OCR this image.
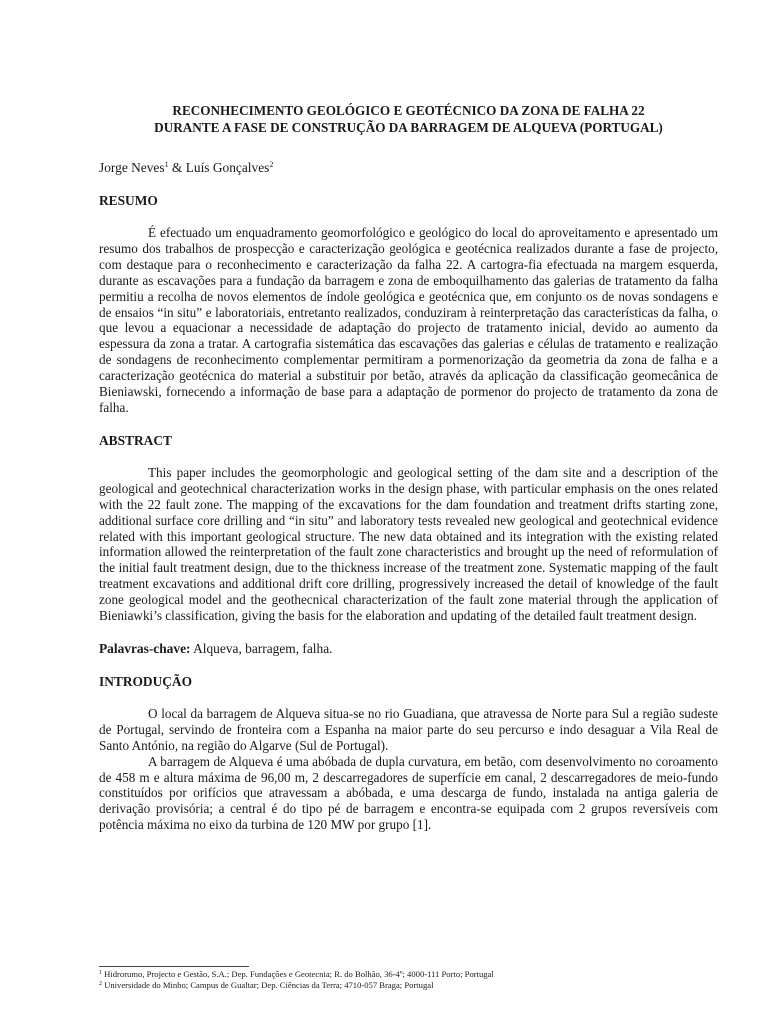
RECONHECIMENTO GEOLÓGICO E GEOTÉCNICO DA ZONA DE FALHA 22
DURANTE A FASE DE CONSTRUÇÃO DA BARRAGEM DE ALQUEVA (PORTUGAL)

Jorge Neves$^1$ & Luís Gonçalves$^2$

RESUMO

É efectuado um enquadramento geomorfológico e geológico do local do aproveitamento e apresentado um resumo dos trabalhos de prospecção e caracterização geológica e geotécnica realizados durante a fase de projecto, com destaque para o reconhecimento e caracterização da falha 22. A cartogra-fia efectuada na margem esquerda, durante as escavações para a fundação da barragem e zona de emboquilhamento das galerias de tratamento da falha permitiu a recolha de novos elementos de índole geológica e geotécnica que, em conjunto os de novas sondagens e de ensaios “in situ” e laboratoriais, entretanto realizados, conduziram à reinterpretação das características da falha, o que levou a equacionar a necessidade de adaptação do projecto de tratamento inicial, devido ao aumento da espessura da zona a tratar. A cartografia sistemática das escavações das galerias e células de tratamento e realização de sondagens de reconhecimento complementar permitiram a pormenorização da geometria da zona de falha e a caracterização geotécnica do material a substituir por betão, através da aplicação da classificação geomecânica de Bieniawski, fornecendo a informação de base para a adaptação de pormenor do projecto de tratamento da zona de falha.

ABSTRACT

This paper includes the geomorphologic and geological setting of the dam site and a description of the geological and geotechnical characterization works in the design phase, with particular emphasis on the ones related with the 22 fault zone. The mapping of the excavations for the dam foundation and treatment drifts starting zone, additional surface core drilling and “in situ” and laboratory tests revealed new geological and geotechnical evidence related with this important geological structure. The new data obtained and its integration with the existing related information allowed the reinterpretation of the fault zone characteristics and brought up the need of reformulation of the initial fault treatment design, due to the thickness increase of the treatment zone. Systematic mapping of the fault treatment excavations and additional drift core drilling, progressively increased the detail of knowledge of the fault zone geological model and the geothecnical characterization of the fault zone material through the application of Bieniawki’s classification, giving the basis for the elaboration and updating of the detailed fault treatment design.

Palavras-chave: Alqueva, barragem, falha.

INTRODUÇÃO

O local da barragem de Alqueva situa-se no rio Guadiana, que atravessa de Norte para Sul a região sudeste de Portugal, servindo de fronteira com a Espanha na maior parte do seu percurso e indo desaguar a Vila Real de Santo António, na região do Algarve (Sul de Portugal).

A barragem de Alqueva é uma abóbada de dupla curvatura, em betão, com desenvolvimento no coroamento de 458 m e altura máxima de 96,00 m, 2 descarregadores de superfície em canal, 2 descarregadores de meio-fundo constituídos por orifícios que atravessam a abóbada, e uma descarga de fundo, instalada na antiga galeria de derivação provisória; a central é do tipo pé de barragem e encontra-se equipada com 2 grupos reversíveis com potência máxima no eixo da turbina de 120 MW por grupo [1].

$^1$ Hidrorumo, Projecto e Gestão, S.A.; Dep. Fundações e Geotecnia; R. do Bolhão, 36-4º; 4000-111 Porto; Portugal

$^2$ Universidade do Minho; Campus de Gualtar; Dep. Ciências da Terra; 4710-057 Braga; Portugal
